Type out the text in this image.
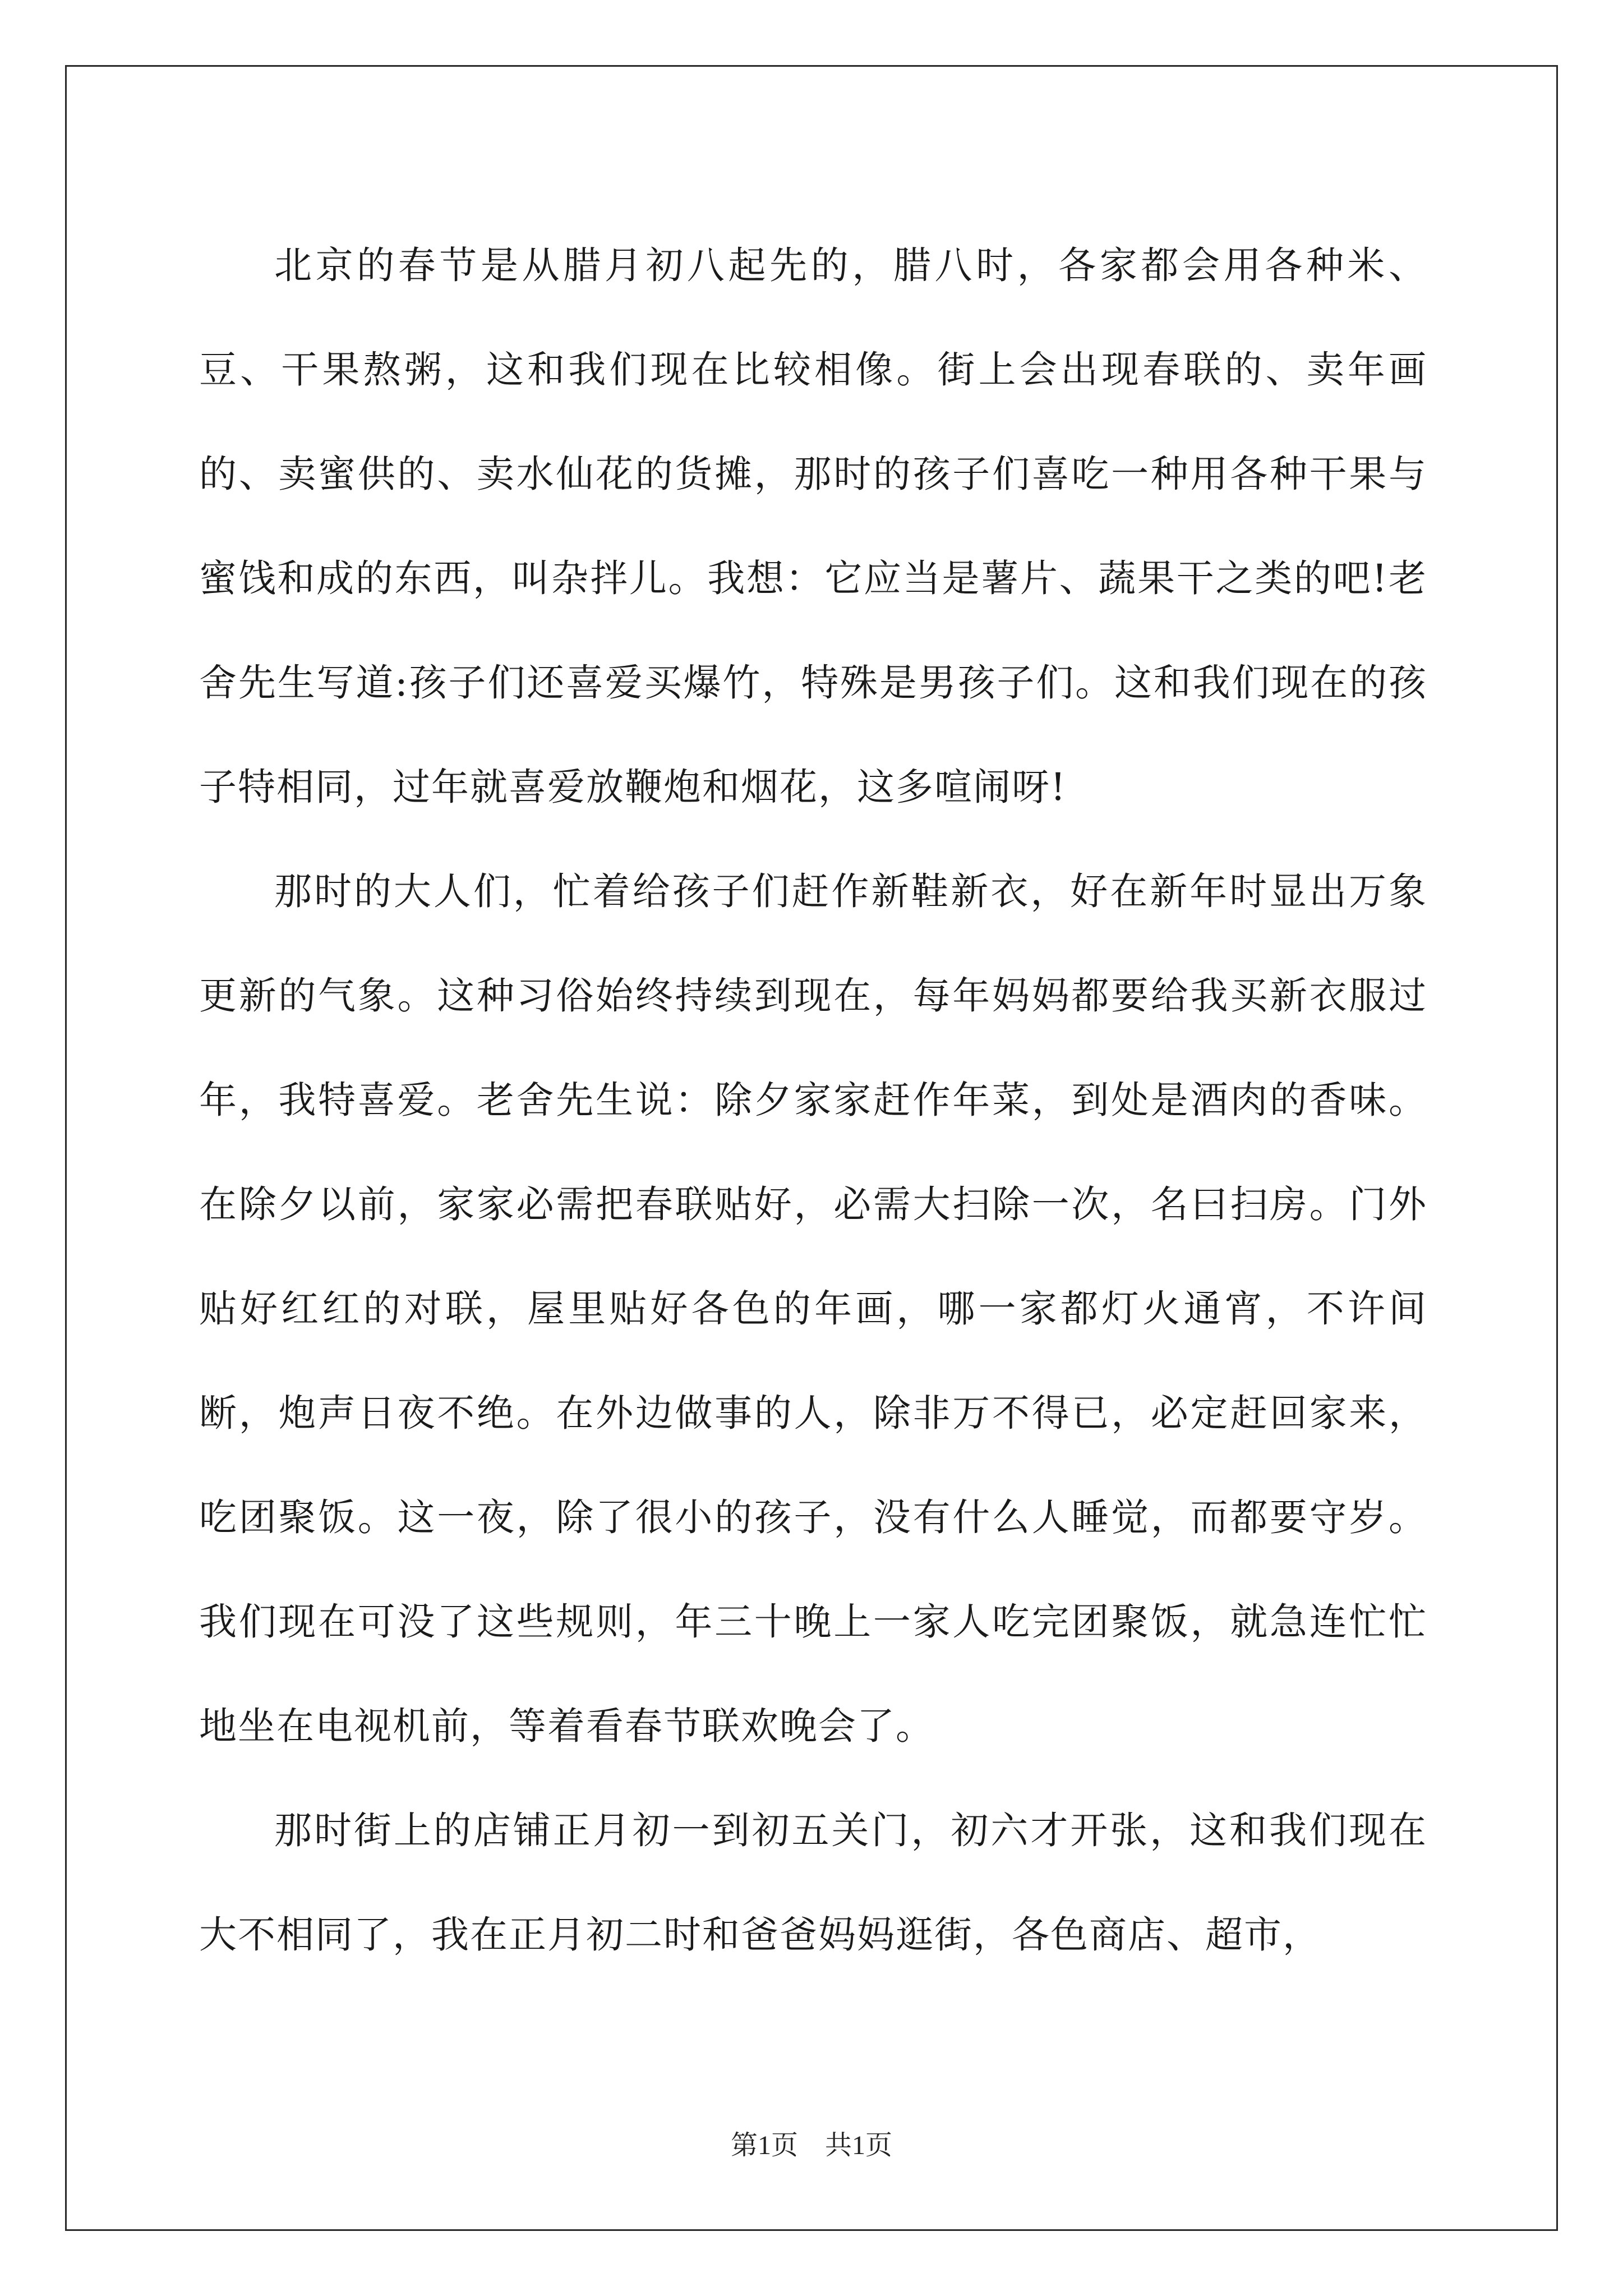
北京的春节是从腊月初八起先的，腊八时，各家都会用各种米、豆、干果熬粥，这和我们现在比较相像。街上会出现春联的、卖年画的、卖蜜供的、卖水仙花的货摊，那时的孩子们喜吃一种用各种干果与蜜饯和成的东西，叫杂拌儿。我想：它应当是薯片、蔬果干之类的吧!老舍先生写道:孩子们还喜爱买爆竹，特殊是男孩子们。这和我们现在的孩子特相同，过年就喜爱放鞭炮和烟花，这多喧闹呀!

那时的大人们，忙着给孩子们赶作新鞋新衣，好在新年时显出万象更新的气象。这种习俗始终持续到现在，每年妈妈都要给我买新衣服过年，我特喜爱。老舍先生说：除夕家家赶作年菜，到处是酒肉的香味。在除夕以前，家家必需把春联贴好，必需大扫除一次，名曰扫房。门外贴好红红的对联，屋里贴好各色的年画，哪一家都灯火通宵，不许间断，炮声日夜不绝。在外边做事的人，除非万不得已，必定赶回家来，吃团聚饭。这一夜，除了很小的孩子，没有什么人睡觉，而都要守岁。我们现在可没了这些规则，年三十晚上一家人吃完团聚饭，就急连忙忙地坐在电视机前，等着看春节联欢晚会了。

那时街上的店铺正月初一到初五关门，初六才开张，这和我们现在大不相同了，我在正月初二时和爸爸妈妈逛街，各色商店、超市，

第1页 共1页
